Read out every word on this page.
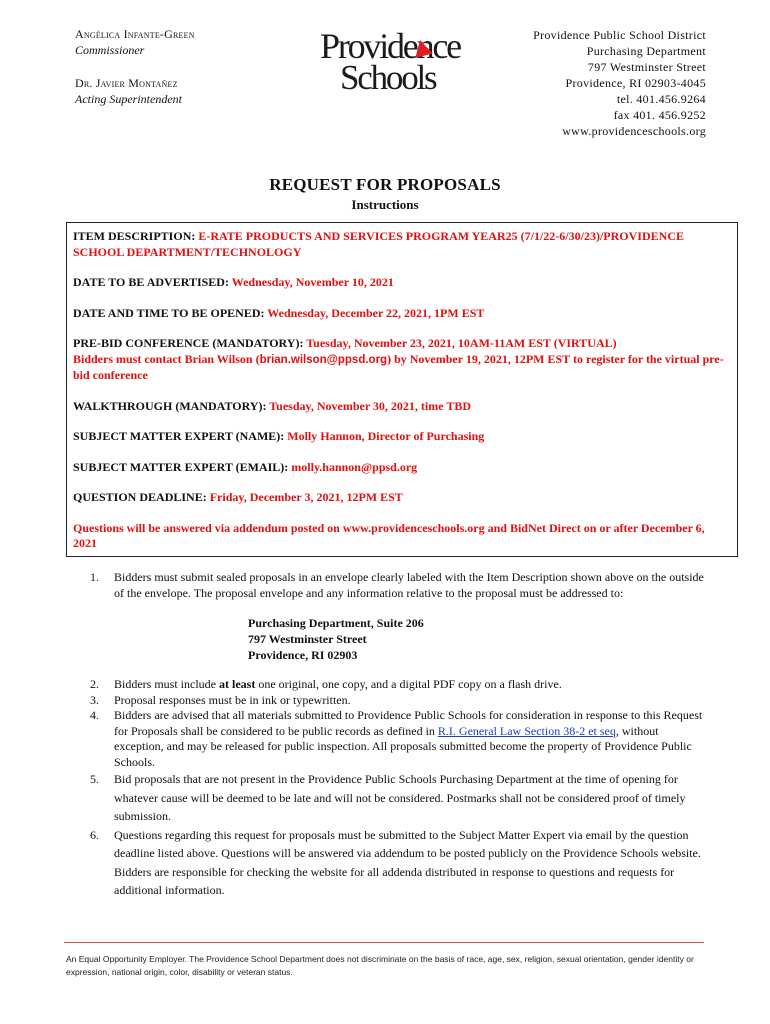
Angélica Infante-Green
Commissioner
Dr. Javier Montañez
Acting Superintendent
Providence
Schools
Providence Public School District
Purchasing Department
797 Westminster Street
Providence, RI 02903-4045
tel. 401.456.9264
fax 401. 456.9252
www.providenceschools.org
REQUEST FOR PROPOSALS
Instructions

ITEM DESCRIPTION: E-RATE PRODUCTS AND SERVICES PROGRAM YEAR25 (7/1/22-6/30/23)/PROVIDENCE SCHOOL DEPARTMENT/TECHNOLOGY

DATE TO BE ADVERTISED: Wednesday, November 10, 2021

DATE AND TIME TO BE OPENED: Wednesday, December 22, 2021, 1PM EST

PRE-BID CONFERENCE (MANDATORY): Tuesday, November 23, 2021, 10AM-11AM EST (VIRTUAL)
Bidders must contact Brian Wilson (brian.wilson@ppsd.org) by November 19, 2021, 12PM EST to register for the virtual pre-bid conference

WALKTHROUGH (MANDATORY): Tuesday, November 30, 2021, time TBD

SUBJECT MATTER EXPERT (NAME): Molly Hannon, Director of Purchasing

SUBJECT MATTER EXPERT (EMAIL): molly.hannon@ppsd.org

QUESTION DEADLINE: Friday, December 3, 2021, 12PM EST

Questions will be answered via addendum posted on www.providenceschools.org and BidNet Direct on or after December 6, 2021

1. Bidders must submit sealed proposals in an envelope clearly labeled with the Item Description shown above on the outside of the envelope. The proposal envelope and any information relative to the proposal must be addressed to:
Purchasing Department, Suite 206
797 Westminster Street
Providence, RI 02903
2. Bidders must include at least one original, one copy, and a digital PDF copy on a flash drive.
3. Proposal responses must be in ink or typewritten.
4. Bidders are advised that all materials submitted to Providence Public Schools for consideration in response to this Request for Proposals shall be considered to be public records as defined in R.I. General Law Section 38-2 et seq, without exception, and may be released for public inspection. All proposals submitted become the property of Providence Public Schools.
5. Bid proposals that are not present in the Providence Public Schools Purchasing Department at the time of opening for whatever cause will be deemed to be late and will not be considered. Postmarks shall not be considered proof of timely submission.
6. Questions regarding this request for proposals must be submitted to the Subject Matter Expert via email by the question deadline listed above. Questions will be answered via addendum to be posted publicly on the Providence Schools website. Bidders are responsible for checking the website for all addenda distributed in response to questions and requests for additional information.
An Equal Opportunity Employer. The Providence School Department does not discriminate on the basis of race, age, sex, religion, sexual orientation, gender identity or expression, national origin, color, disability or veteran status.
